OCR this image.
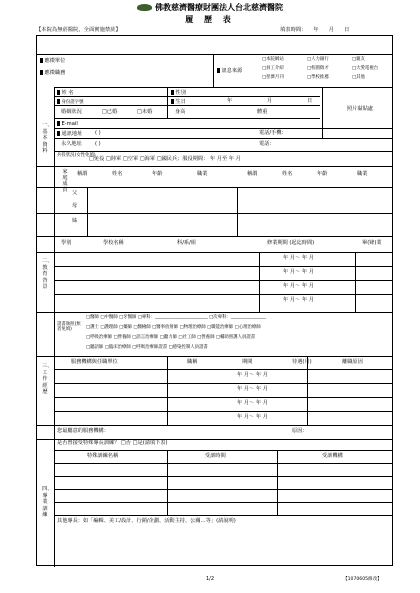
佛教慈濟醫療財團法人台北慈濟醫院
履 歷 表
【本院為無菸醫院，全面實施禁菸】	填表時間：    年      月      日
應徵單位
應徵職務	訊息來源
□本院網站	□人力銀行	□親友
□員工介紹	□校園徵才	□大愛電視台
□慈濟月刊	□學校推薦	□其他
一、基本資料
姓 名	性別
身份證字號	生日	年	月	日
婚姻狀況	□已婚	□未婚	身高	體重	照片黏貼處
E-mail
通訊地址 ( )	電話/手機：
永久地址	( )	電話：
兵役狀況(女性免填)
□免役 □陸軍 □空軍 □海軍 □國民兵；服役期間： 年 月至 年 月
家庭成員
稱謂	姓名	年齡	職業	稱謂	姓名	年齡	職業
父
母
姊
二、教育背景
學別	學校名稱	科/系/組	修業期間 (起迄時間)	畢(肄)業
年 月～ 年 月
年 月～ 年 月
年 月～ 年 月
年 月～ 年 月
證書執照(無者免填)
□醫師 □中醫師 □牙醫師 □專科：________________________ □次專科：________________
□護士 □護理師 □藥師 □醫檢師 □醫事放射師 □物理治療師 □職能治療師 □心理治療師
□呼吸治療師 □營養師 □語言治療師 □聽力師 □社工師 □營養師 □輔助照護人員證書
□聽語師 □臨床治療師 □呼吸治療師證書 □感染控制人員證書
三、工作經歷
服務機構與任職單位	職稱	期間	待遇(月)	離職原因
年 月～ 年 月
年 月～ 年 月
年 月～ 年 月
年 月～ 年 月
您最屬意的服務機構：	原因：
四、專業訓練
是否曾接受特殊專長訓練？ □否 □是(請填下表)
特殊訓練名稱	受訓時間	受訓機構
其他專長：如「編輯、美工/設計、行銷/企劃、活動主持、公關…等」(請說明)
1/2	【1070605修改】
